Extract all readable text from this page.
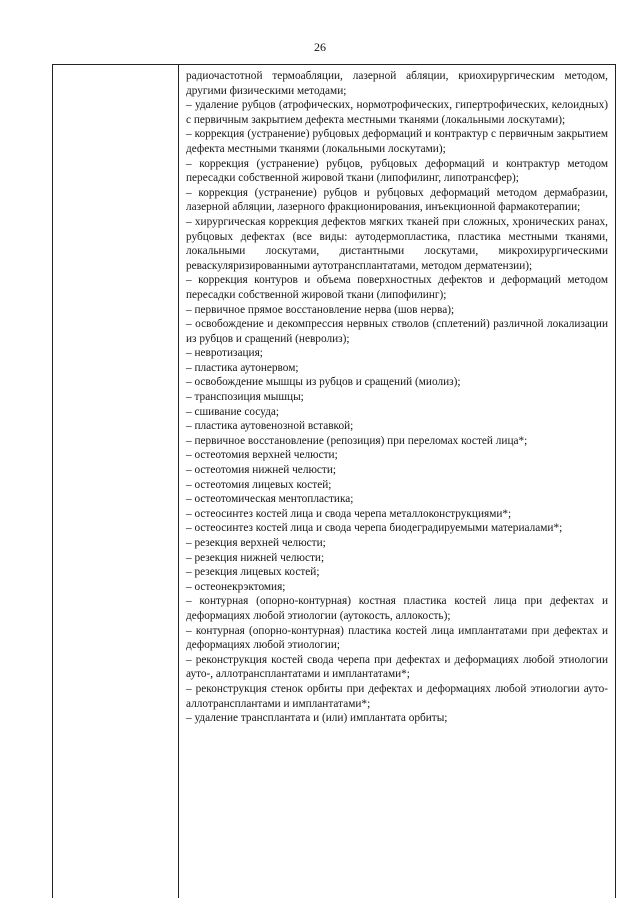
26

радиочастотной термоабляции, лазерной абляции, криохирургическим методом, другими физическими методами;

– удаление рубцов (атрофических, нормотрофических, гипертрофических, келоидных) с первичным закрытием дефекта местными тканями (локальными лоскутами);

– коррекция (устранение) рубцовых деформаций и контрактур с первичным закрытием дефекта местными тканями (локальными лоскутами);

– коррекция (устранение) рубцов, рубцовых деформаций и контрактур методом пересадки собственной жировой ткани (липофилинг, липотрансфер);

– коррекция (устранение) рубцов и рубцовых деформаций методом дермабразии, лазерной абляции, лазерного фракционирования, инъекционной фармакотерапии;

– хирургическая коррекция дефектов мягких тканей при сложных, хронических ранах, рубцовых дефектах (все виды: аутодермопластика, пластика местными тканями, локальными лоскутами, дистантными лоскутами, микрохирургическими реваскуляризированными аутотрансплантатами, методом дерматензии);

– коррекция контуров и объема поверхностных дефектов и деформаций методом пересадки собственной жировой ткани (липофилинг);

– первичное прямое восстановление нерва (шов нерва);

– освобождение и декомпрессия нервных стволов (сплетений) различной локализации из рубцов и сращений (невролиз);

– невротизация;

– пластика аутонервом;

– освобождение мышцы из рубцов и сращений (миолиз);

– транспозиция мышцы;

– сшивание сосуда;

– пластика аутовенозной вставкой;

– первичное восстановление (репозиция) при переломах костей лица*;

– остеотомия верхней челюсти;

– остеотомия нижней челюсти;

– остеотомия лицевых костей;

– остеотомическая ментопластика;

– остеосинтез костей лица и свода черепа металлоконструкциями*;

– остеосинтез костей лица и свода черепа биодеградируемыми материалами*;

– резекция верхней челюсти;

– резекция нижней челюсти;

– резекция лицевых костей;

– остеонекрэктомия;

– контурная (опорно-контурная) костная пластика костей лица при дефектах и деформациях любой этиологии (аутокость, аллокость);

– контурная (опорно-контурная) пластика костей лица имплантатами при дефектах и деформациях любой этиологии;

– реконструкция костей свода черепа при дефектах и деформациях любой этиологии ауто-, аллотрансплантатами и имплантатами*;

– реконструкция стенок орбиты при дефектах и деформациях любой этиологии ауто- аллотрансплантами и имплантатами*;

– удаление трансплантата и (или) имплантата орбиты;
